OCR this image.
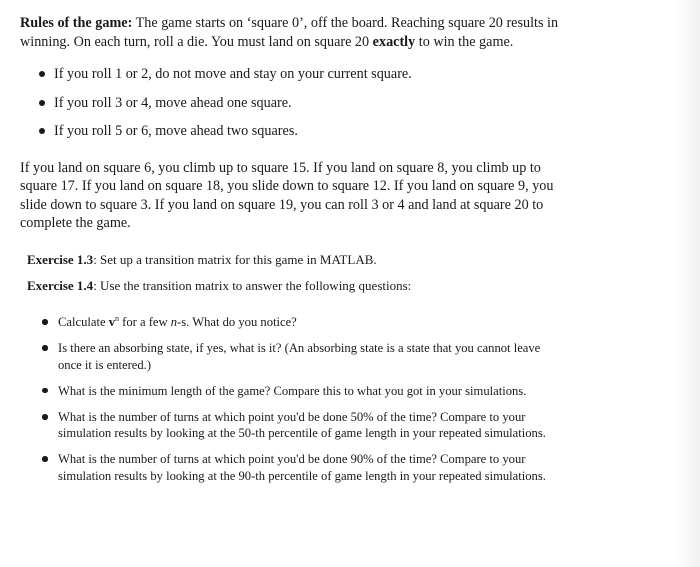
Rules of the game: The game starts on ‘square 0’, off the board. Reaching square 20 results in winning. On each turn, roll a die. You must land on square 20 exactly to win the game.

If you roll 1 or 2, do not move and stay on your current square.
If you roll 3 or 4, move ahead one square.
If you roll 5 or 6, move ahead two squares.

If you land on square 6, you climb up to square 15. If you land on square 8, you climb up to square 17. If you land on square 18, you slide down to square 12. If you land on square 9, you slide down to square 3. If you land on square 19, you can roll 3 or 4 and land at square 20 to complete the game.

Exercise 1.3: Set up a transition matrix for this game in MATLAB.

Exercise 1.4: Use the transition matrix to answer the following questions:

Calculate $v^n$ for a few n-s. What do you notice?
Is there an absorbing state, if yes, what is it? (An absorbing state is a state that you cannot leave once it is entered.)
What is the minimum length of the game? Compare this to what you got in your simulations.
What is the number of turns at which point you'd be done 50% of the time? Compare to your simulation results by looking at the 50-th percentile of game length in your repeated simulations.
What is the number of turns at which point you'd be done 90% of the time? Compare to your simulation results by looking at the 90-th percentile of game length in your repeated simulations.
